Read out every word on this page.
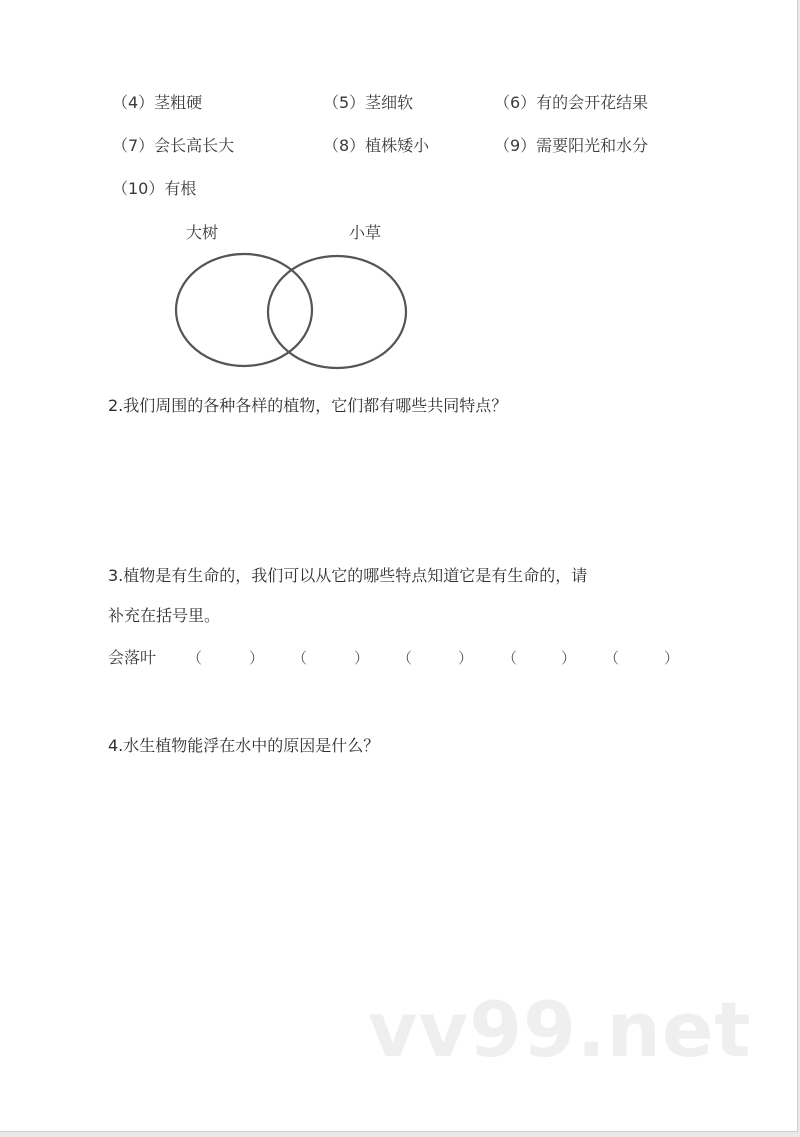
（4）茎粗硬	（5）茎细软	（6）有的会开花结果
（7）会长高长大	（8）植株矮小	（9）需要阳光和水分
（10）有根
大树	小草
2.我们周围的各种各样的植物，它们都有哪些共同特点？
3.植物是有生命的，我们可以从它的哪些特点知道它是有生命的，请
补充在括号里。
会落叶 （	） （	） （	） （	） （	）
4.水生植物能浮在水中的原因是什么？
vv99.net
